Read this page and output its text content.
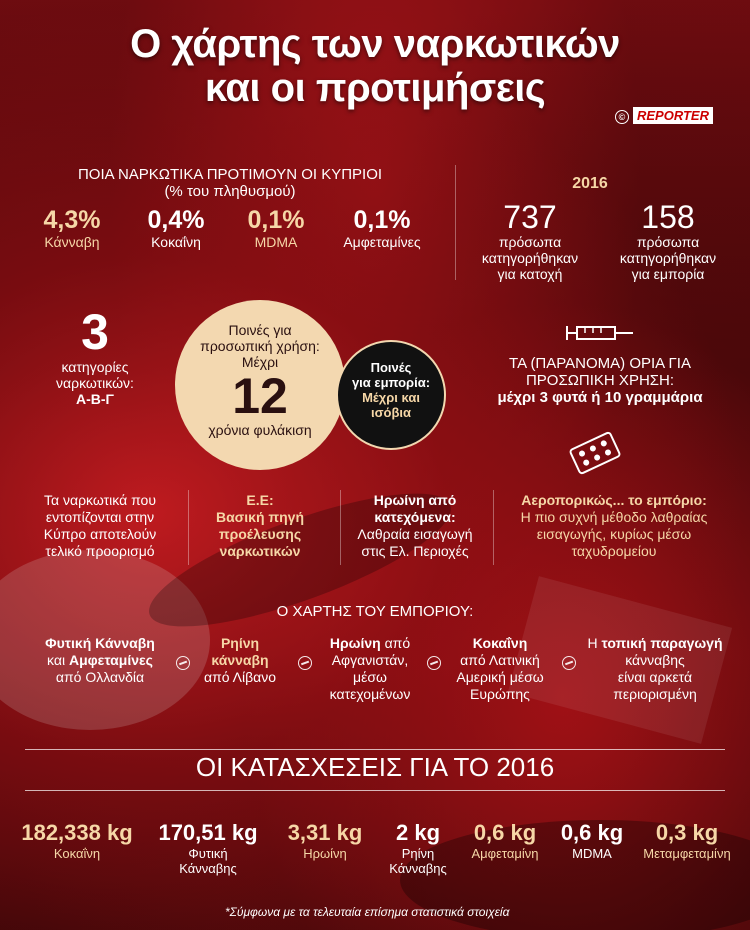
Ο χάρτης των ναρκωτικών
και οι προτιμήσεις
© REPORTER
ΠΟΙΑ ΝΑΡΚΩΤΙΚΑ ΠΡΟΤΙΜΟΥΝ ΟΙ ΚΥΠΡΙΟΙ
(% του πληθυσμού)
4,3%
Κάνναβη
0,4%
Κοκαΐνη
0,1%
MDMA
0,1%
Αμφεταμίνες
2016
737
πρόσωπα
κατηγορήθηκαν
για κατοχή
158
πρόσωπα
κατηγορήθηκαν
για εμπορία
3
κατηγορίες
ναρκωτικών:
Α-Β-Γ
Ποινές για
προσωπική χρήση:
Μέχρι
12
χρόνια φυλάκιση
Ποινές
για εμπορία:
Μέχρι και
ισόβια
ΤΑ (ΠΑΡΑΝΟΜΑ) ΟΡΙΑ ΓΙΑ
ΠΡΟΣΩΠΙΚΗ ΧΡΗΣΗ:
μέχρι 3 φυτά ή 10 γραμμάρια
Τα ναρκωτικά που
εντοπίζονται στην
Κύπρο αποτελούν
τελικό προορισμό
Ε.Ε:
Βασική πηγή
προέλευσης
ναρκωτικών
Ηρωίνη από
κατεχόμενα:
Λαθραία εισαγωγή
στις Ελ. Περιοχές
Αεροπορικώς... το εμπόριο:
Η πιο συχνή μέθοδο λαθραίας
εισαγωγής, κυρίως μέσω
ταχυδρομείου
Ο ΧΑΡΤΗΣ ΤΟΥ ΕΜΠΟΡΙΟΥ:
Φυτική Κάνναβη
και Αμφεταμίνες
από Ολλανδία
Ρηίνη
κάνναβη
από Λίβανο
Ηρωίνη από
Αφγανιστάν,
μέσω
κατεχομένων
Κοκαΐνη
από Λατινική
Αμερική μέσω
Ευρώπης
Η τοπική παραγωγή
κάνναβης
είναι αρκετά
περιορισμένη
ΟΙ ΚΑΤΑΣΧΕΣΕΙΣ ΓΙΑ ΤΟ 2016
182,338 kg
Κοκαΐνη
170,51 kg
Φυτική
Κάνναβης
3,31 kg
Ηρωίνη
2 kg
Ρηίνη
Κάνναβης
0,6 kg
Αμφεταμίνη
0,6 kg
MDMA
0,3 kg
Μεταμφεταμίνη
*Σύμφωνα με τα τελευταία επίσημα στατιστικά στοιχεία
